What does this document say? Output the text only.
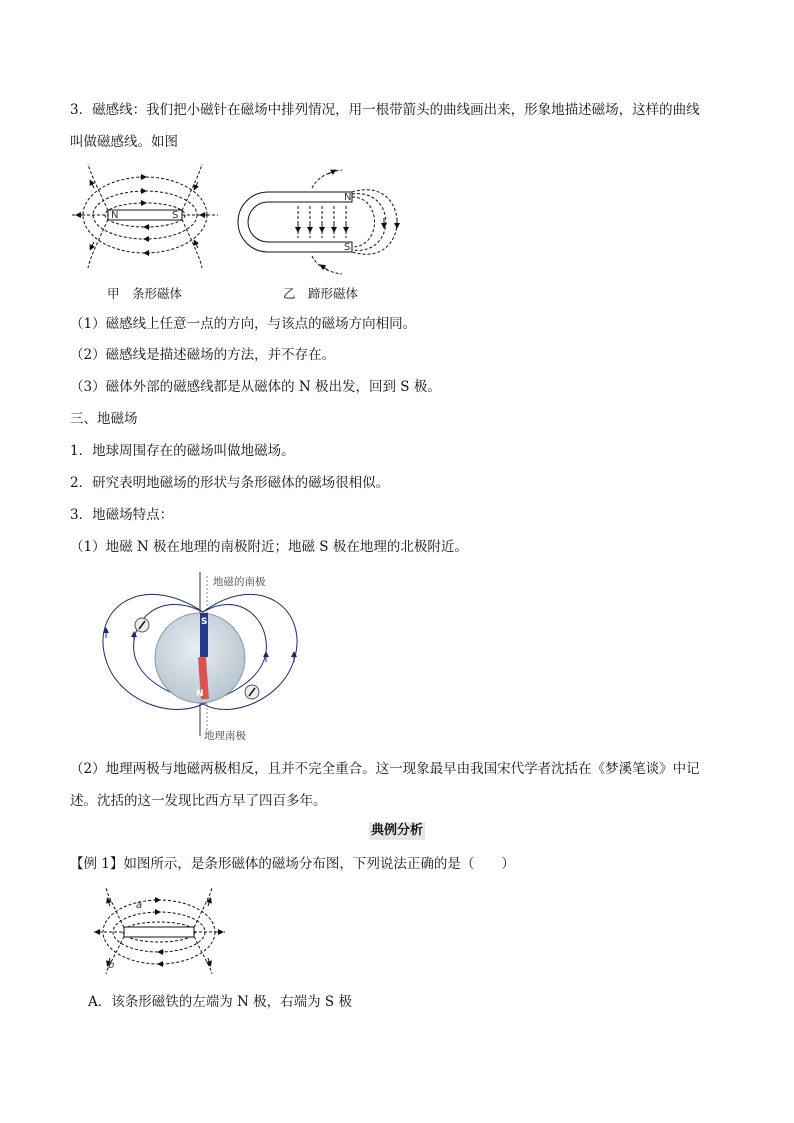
3．磁感线：我们把小磁针在磁场中排列情况，用一根带箭头的曲线画出来，形象地描述磁场，这样的曲线
叫做磁感线。如图
N	S
甲　条形磁体
N
S
乙　蹄形磁体
（1）磁感线上任意一点的方向，与该点的磁场方向相同。
（2）磁感线是描述磁场的方法，并不存在。
（3）磁体外部的磁感线都是从磁体的 N 极出发，回到 S 极。
三、地磁场
1．地球周围存在的磁场叫做地磁场。
2．研究表明地磁场的形状与条形磁体的磁场很相似。
3．地磁场特点：
（1）地磁 N 极在地理的南极附近；地磁 S 极在地理的北极附近。
S
N
地磁的南极
地理南极
（2）地理两极与地磁两极相反，且并不完全重合。这一现象最早由我国宋代学者沈括在《梦溪笔谈》中记
述。沈括的这一发现比西方早了四百多年。
典例分析
【例 1】如图所示，是条形磁体的磁场分布图，下列说法正确的是（　　）
a
b
A．该条形磁铁的左端为 N 极，右端为 S 极
